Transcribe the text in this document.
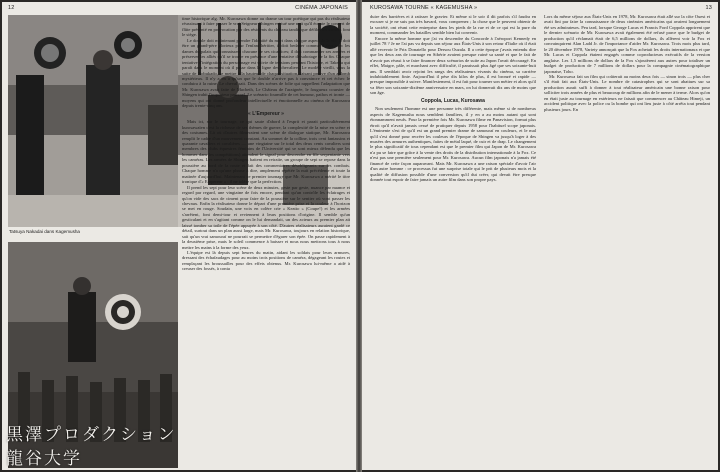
12	CINÉMA JAPONAIS
Tatsuya Nakadai dans Kagemusha

time historique alg. Mr. Kurosawa donne au drame un tour poétique qui pas du réalisateur réussissant à faire passer le vrai Seigneur Shingen est tué une nuit qu'il écoute le concert de flûte présenté en provocation par des résidents du château tandis que défiles les armées font le siège.

Le double doit maintenant prendre l'identité du mort dans chaque aspect de la vie. Il doit être un grand-père glorieux pour l'enfant héritier, il doit bedaner comme il faut avec les dames du palais qui connaissent chacune de ses cicatrices; il doit commander ses armées et préserver les alliés qu'il se trouve en présence d'une tentative de sabotage de la fin. Chaque tentative d'intégration du personnage est suivie de tensions pendant l'histoire, et Takeda qui paraît dans le moment où il passe dans la ligne des chevaliers. Le modèle vieilli, vous la suite de Nobukado, se mettre à la hauteur de chaque situation, faisant preuve d'un aplomb mystérieux. Il n'y a en a qu'un que le double n'arrive pas à convaincre et cet échec le conduira à la ruine. Le cheval sait. Dans des scènes de folie qui rappellent l'adaptation que Mr. Kurosawa avait faite de Macbeth, Le Château de l'araignée, le fougueux coursier de Shingen trahit l'imposteur paternel. Le scénario fourmille de cet humour, pathos et ironie — moyens qui ont donné profondeur intellectuelle et émotionnelle au cinéma de Kurosawa depuis trente-cinq ans.

« L'Empereur »

Mais ici, sur le tournage, ce qui saute d'abord à l'esprit et parait particulièrement kurosawaïen c'est la richesse de ses thèmes de guerre, la complexité de la mise en scène et des costumes. Là où d'autres filmeraient une scène de dialogue statique, Mr. Kurosawa remplit le cadre d'un mouvement constant. Au sommet de la colline, trois cent fantassins et quarante cavaliers et cavalières — une vingtaine sur le total des deux cents cavaliers sont membres des clubs équestres féminins de l'Université qui se sont mieux défendu que les hommes dans les compétitions) attendent le signal pour descendre en file serpentante vers les caméras. Les armées de Shingen battent en retraite, un groupe de sept se repose dans la poussière au bord de la route et fait des commentaires désobligeants sur les combats. Chaque homme n'a qu'une phrase à dire, amplement répétée la nuit précédente et toute la matinée d'aujourd'hui. Maintenant ce premier tournage que Mr. Kurosawa a mérité le titre ironique d'« Empereur » : il ne tolère que la perfection.

Il prend les sept pour leur scène de deux minutes, geste par geste, nuance par nuance et regard par regard, une vingtaine de fois encore, pendant qu'un contrôle les éclairages et qu'on vide des sacs de ciment pour faire de la poussière sur le sentier où vont passer les chevaux. Enfin la réalisateur donne le départ d'une première prise et la couleur à l'horizon se met en rouge. Soudain, une voix en colère crie « Keatto » (Coupe!) et les armées s'arrêtent, font demi-tour et reviennent à leurs positions d'origine. Il semble qu'un gesticulant et en s'agitant comme on le lui demandait, un des acteurs au premier plan ait laissé tomber sa toile de l'épée appuyée à son côté. D'autres réalisateurs auraient gardé ce détail, surtout dans un plan aussi large, mais Mr. Kurosawa, toujours en relation historique, sait qu'un vrai samouraï ne pourrait se permettre d'égarer son épée. On passe rapidement à la deuxième prise, mais le soleil commence à baisser et nous nous mettrons tous à nous mettre les mains à la forme des yeux.

L'équipe est là depuis sept heures du matin, aidant les soldats pour leurs armures, dressant des échafaudages pour au moins trois positions de caméra, dégageant les routes et remplaçant les broussailles pour des effets obtenus. Mr. Kurosawa lui-même a aidé à creuser des fossés, à conta

黒澤プロダクション
龍谷大学
KUROSAWA TOURNE « KAGEMUSHA »	13

duire des barrières et à ratisser le gravier. Et même si le soir il dit parfois s'il faudra en excuser si je ne suis pas très bavard, vous comprenez ; la chose que le peuvent obtenir de la société, ont réuni cette entreprise dans les pieds de la rue et de ce qui est la pure du moment, commander les batailles semble bien lui convenir.

Encore la même homme que j'ai vu descendre du Concorde à l'aéroport Kennedy en juillet 78 ? Je ne l'ai pas vu depuis son séjour aux États-Unis à son retour d'Italie où il était allé recevoir le Prix Donatello pour Dersou Ouzala. Il a cette époque j'avais entendu dire que les deux ans de tournage en Sibérie avaient presque ruiné sa santé et que le fait de n'avoir pas réussi à se faire financer deux scénarios de suite au Japon l'avait découragé. En effet, Maigre, pâle, et marchant avec difficulté, il paraissait plus âgé que ses soixante-huit ans. Il semblait avoir rejoint les rangs des réalisateurs vivants du cinéma, sa carrière indubitablement finie. Aujourd'hui il pèse dix kilos de plus, il est bronzé et rapide — presque impossible à suivre. Manifestement, il est fait pour tourner son métier et alors qu'il va fêter son soixante-dixième anniversaire en mars, on lui donnerait dix ans de moins que son âge.

Coppola, Lucas, Kurosawa

Non seulement l'homme est une personne très différente, mais même si de nombreux aspects de Kagemusha nous semblent familiers, il y en a au moins autant qui sont étonnamment neufs. Pour la première fois Mr. Kurosawa filme en Panavision, format plus étroit qu'il n'avait jamais cessé de pratiquer depuis 1958 pour l'habituel scope japonais. L'éminente s'est de qu'il est un grand premier drame de samouraï en couleurs, et le mal qu'il s'est donné pour recréer les couleurs de l'époque de Shingen va jusqu'à loger à des musées des armures authentiques, faites de métal laqué, de cuir et de drap. Le changement le plus significatif de tous cependant est que le premier film qui Japon de Mr. Kurosawa n'a pu se faire que grâce à la vente des droits de la distribution internationale à la Fox. Ce n'est pas une première seulement pour Mr. Kurosawa. Aucun film japonais n'a jamais été financé de cette façon auparavant. Mais Mr. Kurosawa a une raison spéciale d'avoir l'air d'un autre homme : ce processus fut une surprise totale qui le prit de plusieurs mois et la qualité de diffusion possible d'une conversion qu'il dut créer, qui devait être presque donnée tout espoir de faire jamais un autre film dans son propre pays.

Lors du même séjour aux États-Unis en 1978, Mr. Kurosawa était allé sur la côte Ouest et avait fini par faire la connaissance de deux cinéastes américains qui avaient longuement été ses admirateurs. Peu tard, lorsque George Lucas et Francis Ford Coppola apprirent que le dernier scénario de Mr. Kurosawa avait également été refusé parce que le budget de production qu'il réclamait était de 6,5 millions de dollars, ils allèrent voir la Fox et convainquirent Alan Ladd Jr. de l'importance d'aider Mr. Kurosawa. Trois mois plus tard, le 20 décembre 1978, Variety annonçait que la Fox achetait les droits internationaux et que Mr. Lucas et Coppola étaient engagés comme coproducteurs exécutifs de la version anglaise. Les 1,5 millions de dollars de la Fox s'ajoutèrent aux autres pour totaliser un budget de production de 7 millions de dollars pour la compagnie cinématographique japonaise, Toho.

Mr. Kurosawa fait un film qui coûterait au moins deux fois — sinon trois — plus cher s'il était fait aux États-Unis. Le nombre de catastrophes qui se sont abattues sur sa production aurait suffi à donner à tout réalisateur américain une bonne raison pour solliciter trois années de plus et beaucoup de millions afin de le mener à terme. Alors qu'on en était juste au tournage en extérieurs ne faisait que commencer au Château Himeji, un accident politique avec la police ou la bombe qui ont lieu juste à côté arrêta tout pendant plusieurs jours. En
